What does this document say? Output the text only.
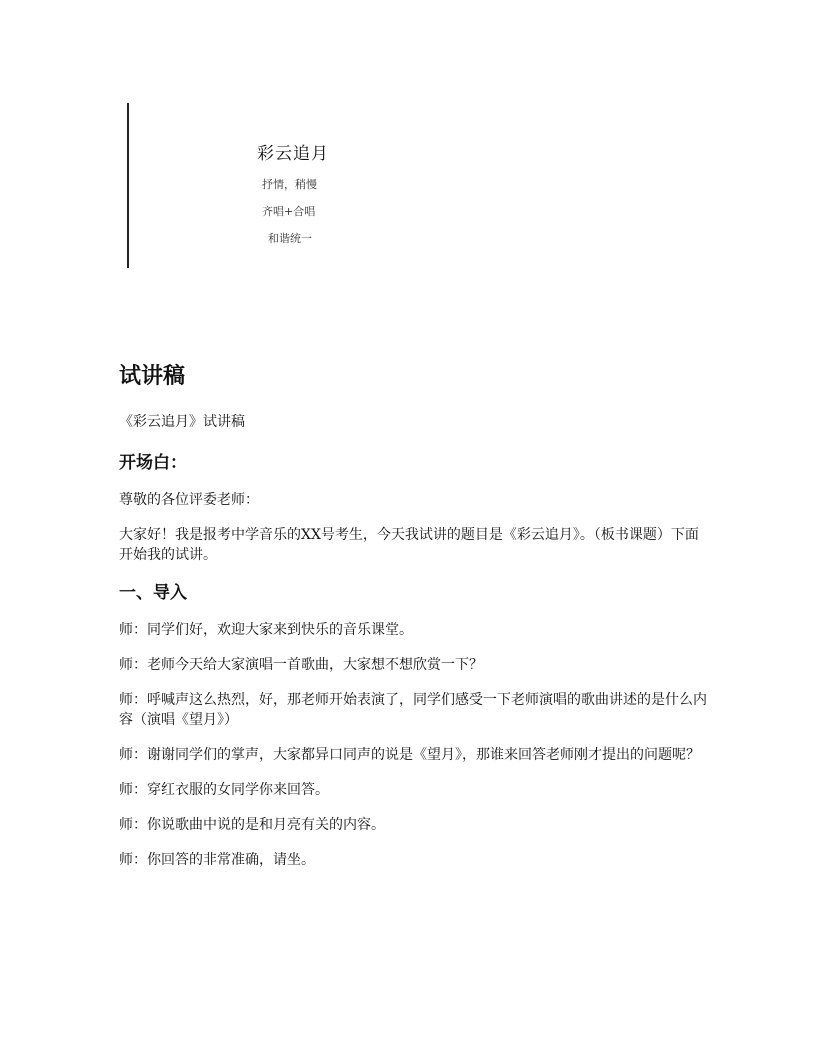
彩云追月
抒情，稍慢
齐唱+合唱
和谐统一
试讲稿
《彩云追月》试讲稿
开场白：
尊敬的各位评委老师：
大家好！我是报考中学音乐的XX号考生，今天我试讲的题目是《彩云追月》。（板书课题）下面开始我的试讲。
一、导入
师：同学们好，欢迎大家来到快乐的音乐课堂。
师：老师今天给大家演唱一首歌曲，大家想不想欣赏一下？
师：呼喊声这么热烈，好，那老师开始表演了，同学们感受一下老师演唱的歌曲讲述的是什么内容（演唱《望月》）
师：谢谢同学们的掌声，大家都异口同声的说是《望月》，那谁来回答老师刚才提出的问题呢？
师：穿红衣服的女同学你来回答。
师：你说歌曲中说的是和月亮有关的内容。
师：你回答的非常准确，请坐。
